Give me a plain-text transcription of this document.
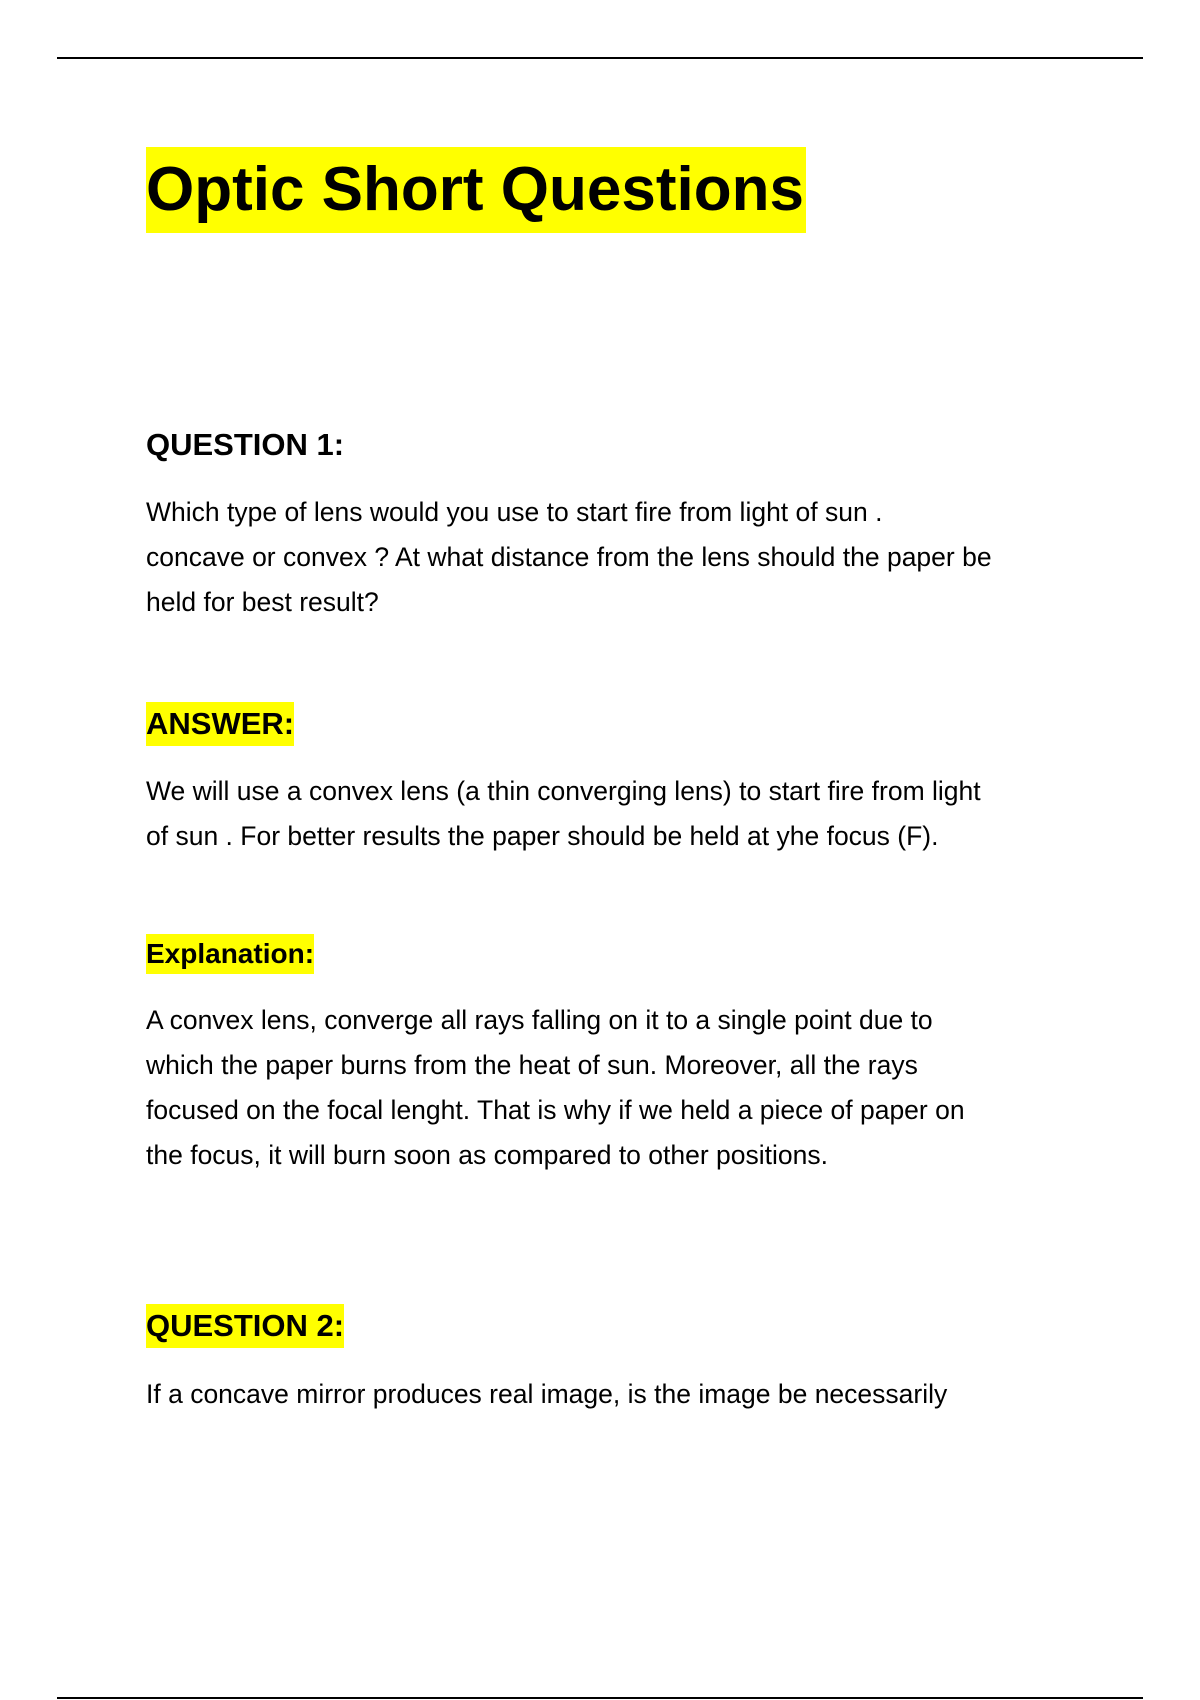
Optic Short Questions
QUESTION 1:

Which type of lens would you use to start fire from light of sun .
concave or convex ? At what distance from the lens should the paper be
held for best result?

ANSWER:

We will use a convex lens (a thin converging lens) to start fire from light
of sun . For better results the paper should be held at yhe focus (F).

Explanation:

A convex lens, converge all rays falling on it to a single point due to
which the paper burns from the heat of sun. Moreover, all the rays
focused on the focal lenght. That is why if we held a piece of paper on
the focus, it will burn soon as compared to other positions.

QUESTION 2:

If a concave mirror produces real image, is the image be necessarily
